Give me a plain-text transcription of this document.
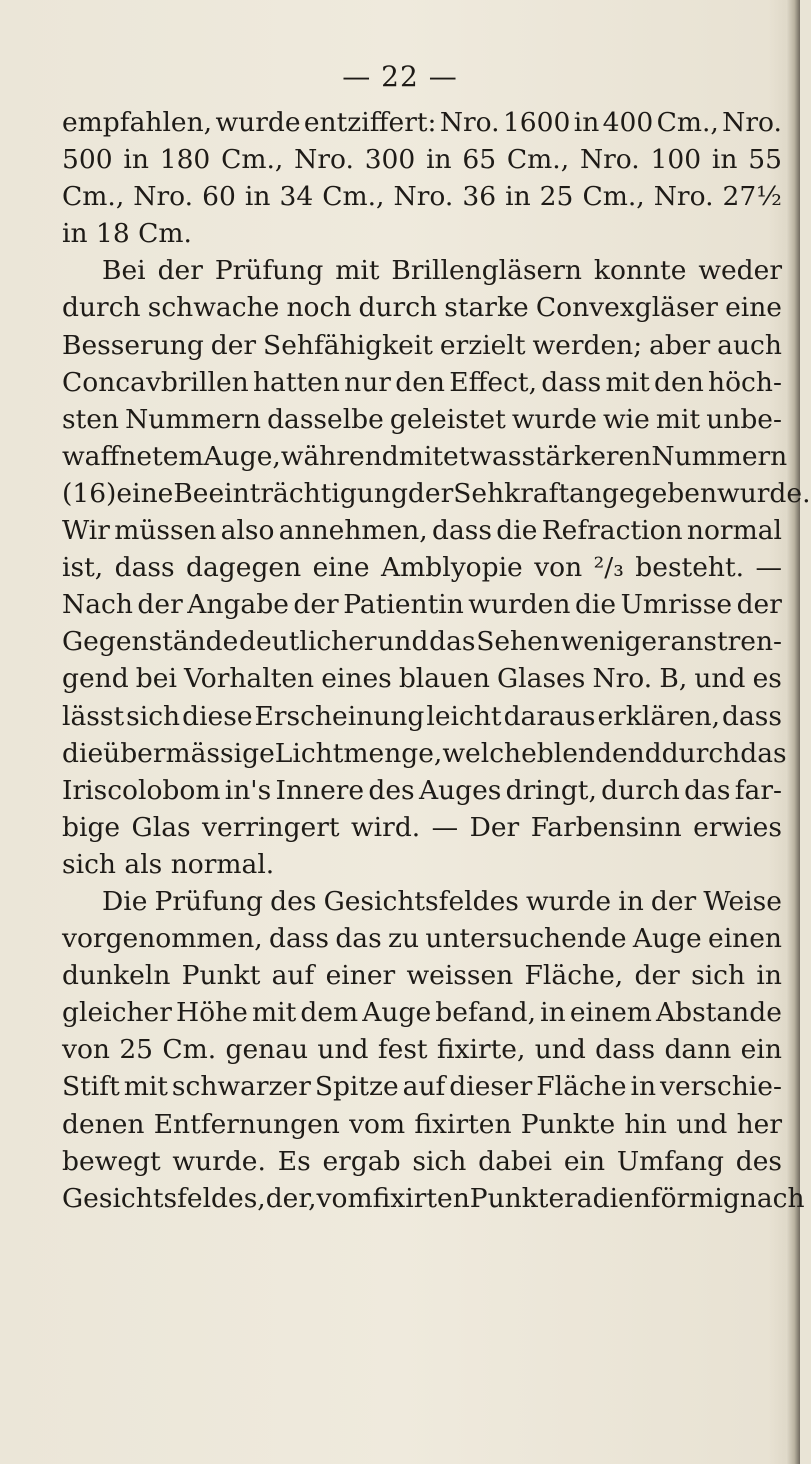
— 22 —
empfahlen, wurde entziffert: Nro. 1600 in 400 Cm., Nro.
500 in 180 Cm., Nro. 300 in 65 Cm., Nro. 100 in 55
Cm., Nro. 60 in 34 Cm., Nro. 36 in 25 Cm., Nro. 27½
in 18 Cm.
Bei der Prüfung mit Brillengläsern konnte weder
durch schwache noch durch starke Convexgläser eine
Besserung der Sehfähigkeit erzielt werden; aber auch
Concavbrillen hatten nur den Effect, dass mit den höch-
sten Nummern dasselbe geleistet wurde wie mit unbe-
waffnetem Auge, während mit etwas stärkeren Nummern
(16) eine Beeinträchtigung der Sehkraft angegeben wurde.
Wir müssen also annehmen, dass die Refraction normal
ist, dass dagegen eine Amblyopie von ²/₃ besteht. —
Nach der Angabe der Patientin wurden die Umrisse der
Gegenstände deutlicher und das Sehen weniger anstren-
gend bei Vorhalten eines blauen Glases Nro. B, und es
lässt sich diese Erscheinung leicht daraus erklären, dass
die übermässige Lichtmenge, welche blendend durch das
Iriscolobom in's Innere des Auges dringt, durch das far-
bige Glas verringert wird. — Der Farbensinn erwies
sich als normal.
Die Prüfung des Gesichtsfeldes wurde in der Weise
vorgenommen, dass das zu untersuchende Auge einen
dunkeln Punkt auf einer weissen Fläche, der sich in
gleicher Höhe mit dem Auge befand, in einem Abstande
von 25 Cm. genau und fest fixirte, und dass dann ein
Stift mit schwarzer Spitze auf dieser Fläche in verschie-
denen Entfernungen vom fixirten Punkte hin und her
bewegt wurde. Es ergab sich dabei ein Umfang des
Gesichtsfeldes, der, vom fixirten Punkte radienförmig nach
